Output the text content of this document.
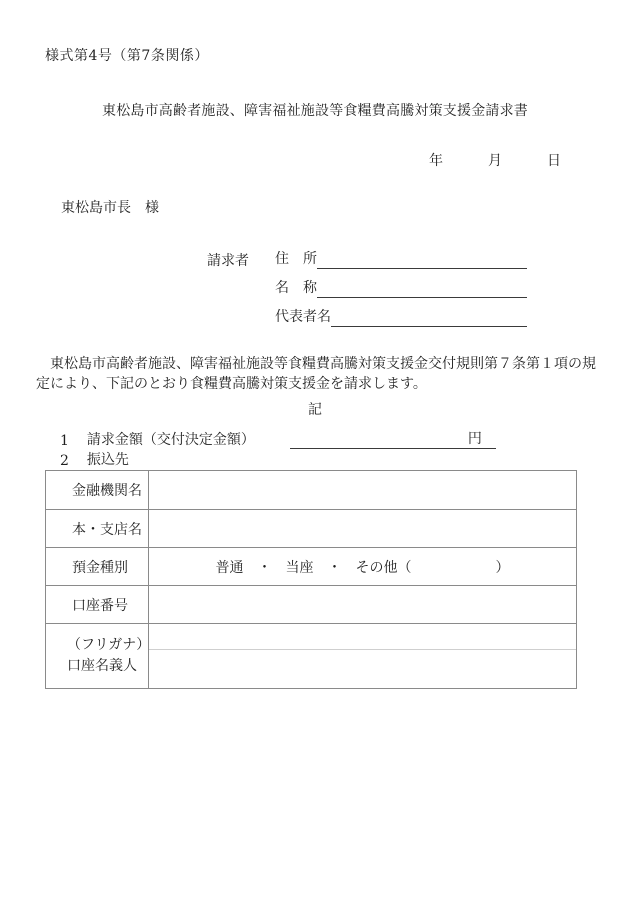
様式第4号（第7条関係）
東松島市高齢者施設、障害福祉施設等食糧費高騰対策支援金請求書
年	月	日
東松島市長　様
請求者 住　所
名　称
代表者名
　東松島市高齢者施設、障害福祉施設等食糧費高騰対策支援金交付規則第７条第１項の規
定により、下記のとおり食糧費高騰対策支援金を請求します。
記
1 請求金額（交付決定金額）	円
2 振込先
金融機関名
本・支店名
預金種別	普通　・　当座　・　その他（　　　　　　）
口座番号
（フリガナ）
口座名義人
